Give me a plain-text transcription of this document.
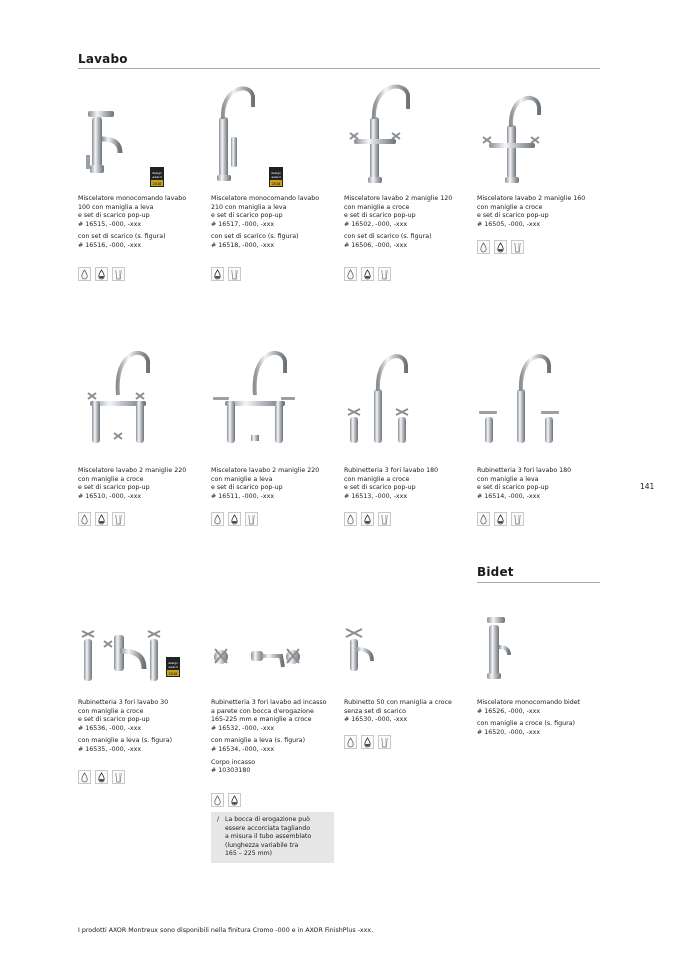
Lavabo
design
award
2018
Miscelatore monocomando lavabo
100 con maniglia a leva
e set di scarico pop-up
# 16515, -000, -xxx
con set di scarico (s. figura)
# 16516, -000, -xxx
design
award
2018
Miscelatore monocomando lavabo
210 con maniglia a leva
e set di scarico pop-up
# 16517, -000, -xxx
con set di scarico (s. figura)
# 16518, -000, -xxx
Miscelatore lavabo 2 maniglie 120
con maniglie a croce
e set di scarico pop-up
# 16502, -000, -xxx
con set di scarico (s. figura)
# 16506, -000, -xxx
Miscelatore lavabo 2 maniglie 160
con maniglie a croce
e set di scarico pop-up
# 16505, -000, -xxx
Miscelatore lavabo 2 maniglie 220
con maniglie a croce
e set di scarico pop-up
# 16510, -000, -xxx
Miscelatore lavabo 2 maniglie 220
con maniglie a leva
e set di scarico pop-up
# 16511, -000, -xxx
Rubinetteria 3 fori lavabo 180
con maniglie a croce
e set di scarico pop-up
# 16513, -000, -xxx
Rubinetteria 3 fori lavabo 180
con maniglie a leva
e set di scarico pop-up
# 16514, -000, -xxx
141
Bidet
design
award
2018
Rubinetteria 3 fori lavabo 30
con maniglie a croce
e set di scarico pop-up
# 16536, -000, -xxx
con maniglie a leva (s. figura)
# 16535, -000, -xxx
Rubinetteria 3 fori lavabo ad incasso
a parete con bocca d'erogazione
165-225 mm e maniglie a croce
# 16532, -000, -xxx
con maniglie a leva (s. figura)
# 16534, -000, -xxx
Corpo incasso
# 10303180
/ La bocca di erogazione può
essere accorciata tagliando
a misura il tubo assemblato
(lunghezza variabile tra
165 – 225 mm)
Rubinetto 50 con maniglia a croce
senza set di scarico
# 16530, -000, -xxx
Miscelatore monocomando bidet
# 16526, -000, -xxx
con maniglie a croce (s. figura)
# 16520, -000, -xxx
I prodotti AXOR Montreux sono disponibili nella finitura Cromo -000 e in AXOR FinishPlus -xxx.
